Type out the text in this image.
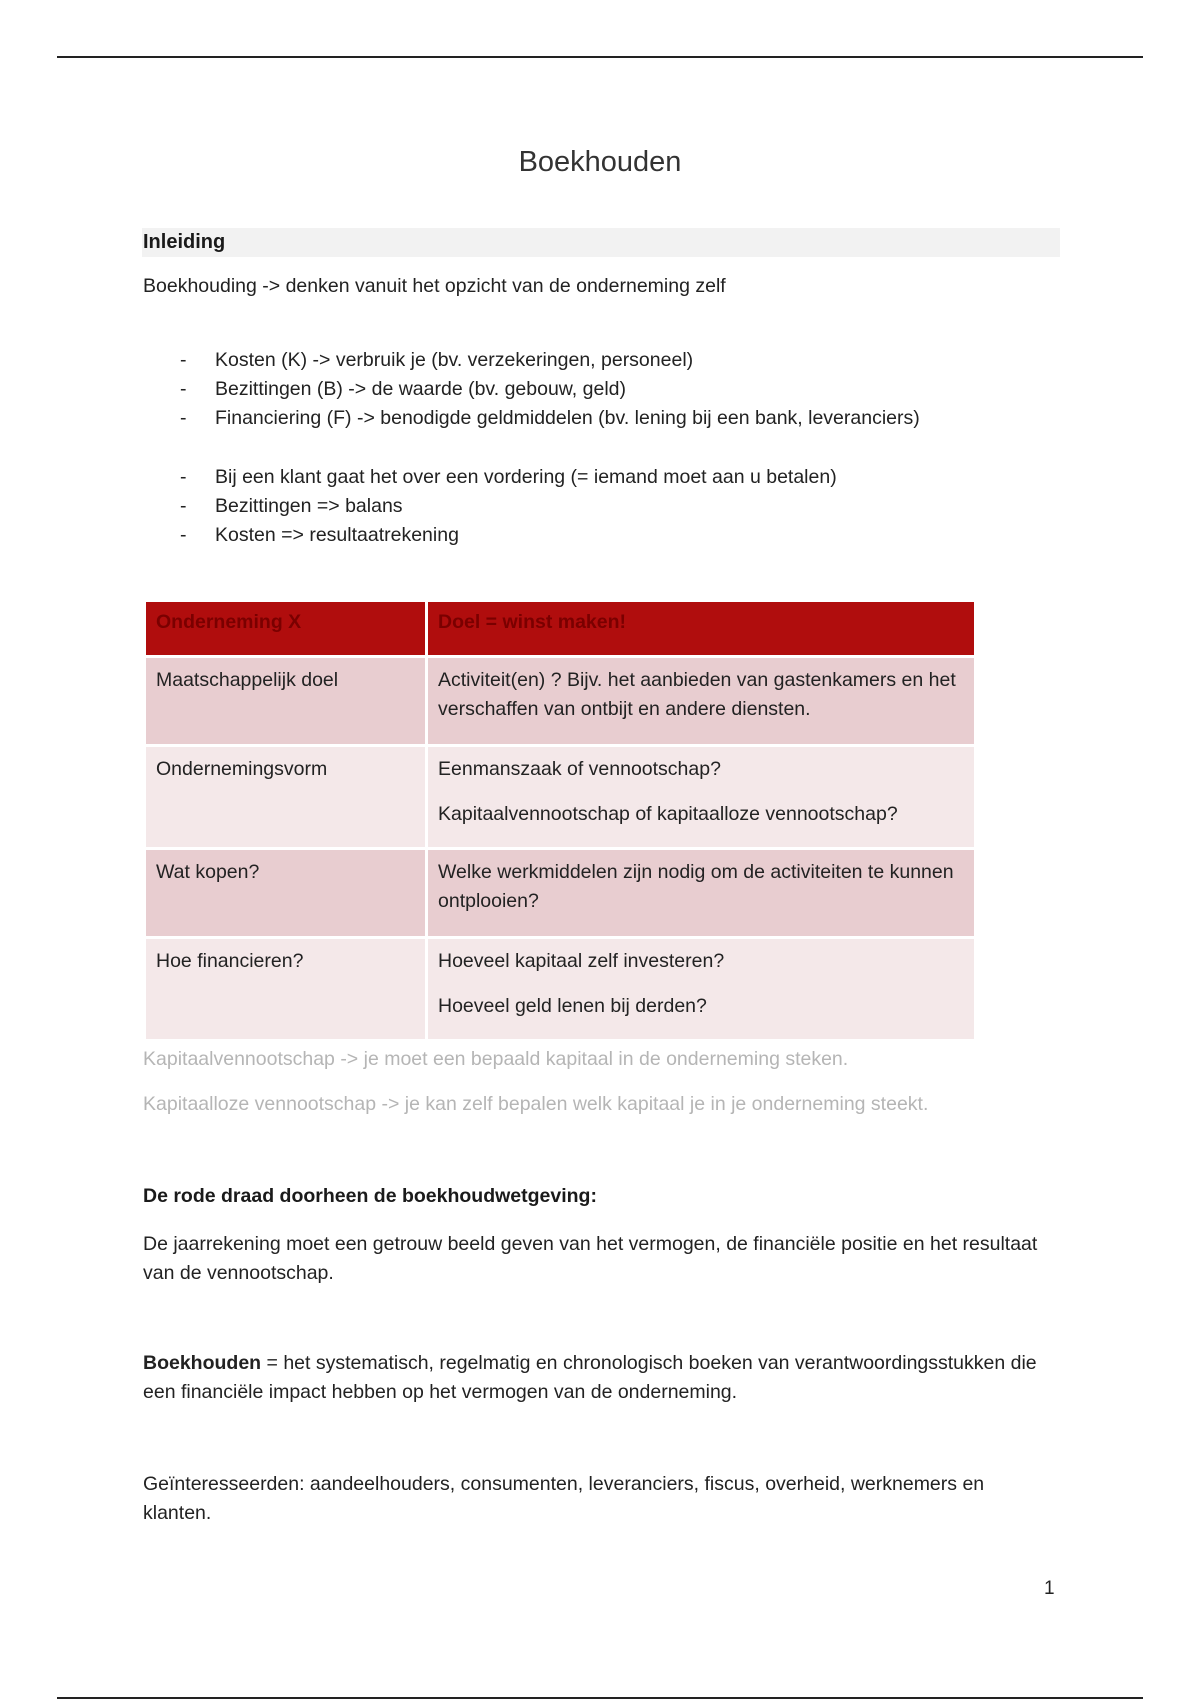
Boekhouden
Inleiding
Boekhouding -> denken vanuit het opzicht van de onderneming zelf
- Kosten (K) -> verbruik je (bv. verzekeringen, personeel)
- Bezittingen (B) -> de waarde (bv. gebouw, geld)
- Financiering (F) -> benodigde geldmiddelen (bv. lening bij een bank, leveranciers)
- Bij een klant gaat het over een vordering (= iemand moet aan u betalen)
- Bezittingen => balans
- Kosten => resultaatrekening
Onderneming X	Doel = winst maken!
Maatschappelijk doel	Activiteit(en) ? Bijv. het aanbieden van gastenkamers en het verschaffen van ontbijt en andere diensten.

Ondernemingsvorm	Eenmanszaak of vennootschap?

Kapitaalvennootschap of kapitaalloze vennootschap?

Wat kopen?	Welke werkmiddelen zijn nodig om de activiteiten te kunnen ontplooien?

Hoe financieren?	Hoeveel kapitaal zelf investeren?

Hoeveel geld lenen bij derden?

Kapitaalvennootschap -> je moet een bepaald kapitaal in de onderneming steken.
Kapitaalloze vennootschap -> je kan zelf bepalen welk kapitaal je in je onderneming steekt.
De rode draad doorheen de boekhoudwetgeving:
De jaarrekening moet een getrouw beeld geven van het vermogen, de financiële positie en het resultaat van de vennootschap.
Boekhouden = het systematisch, regelmatig en chronologisch boeken van verantwoordingsstukken die een financiële impact hebben op het vermogen van de onderneming.
Geïnteresseerden: aandeelhouders, consumenten, leveranciers, fiscus, overheid, werknemers en klanten.
1
